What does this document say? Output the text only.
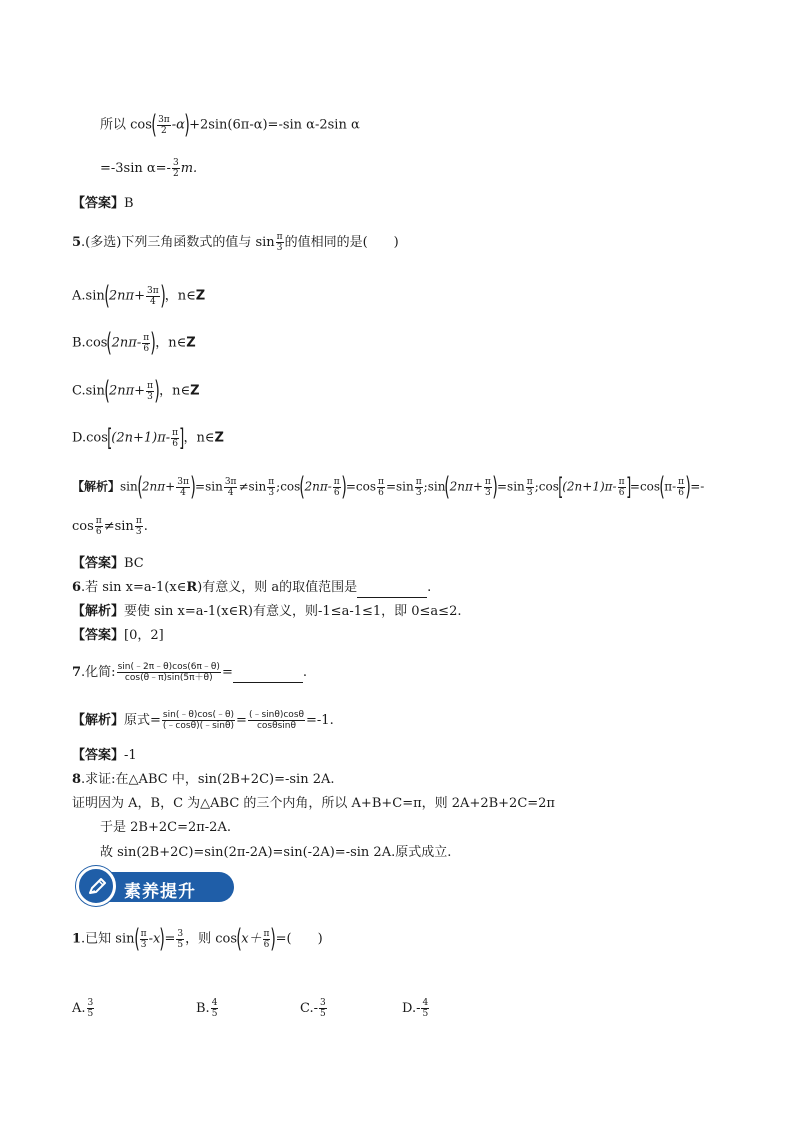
所以 $\cos( \frac{3\pi}{2} -\alpha)+2\sin(6\pi-\alpha)=-\sin$ α-2sin α
=-3sin $\alpha=- \frac{3}{2} m$.
【答案】B
5.(多选)下列三角函数式的值与 $\sin \frac{\pi}{3}$ 的值相同的是(　　)
$A.\sin(2n\pi+ \frac{3\pi}{4}$ )，n∈Z
$B.\cos(2n\pi- \frac{\pi}{6}$ )，n∈Z
$C.\sin(2n\pi+ \frac{\pi}{3}$ )，n∈Z
$D.\cos[(2n+1)\pi- \frac{\pi}{6}$ ]，n∈Z
【解析】$\sin(2n\pi+ \frac{3\pi}{4} )=\sin \frac{3\pi}{4} \ne\sin \frac{\pi}{3}$ ;cos(2nπ- $\frac{\pi}{6} )=\cos \frac{\pi}{6} =\sin \frac{\pi}{3}$ ;sin(2nπ+ $\frac{\pi}{3} )=\sin \frac{\pi}{3}$ ;cos[(2n+1)π- $\frac{\pi}{6} ]=\cos(\pi- \frac{\pi}{6}$ )=-
$\cos \frac{\pi}{6} \ne\sin \frac{\pi}{3}$ .
【答案】BC
6.若 sin x=a-1(x∈R)有意义，则 a的取值范围是	.
【解析】要使 sin x=a-1(x∈R)有意义，则-1≤a-1≤1，即 0≤a≤2.
【答案】[0，2]
7.化简: $\frac{\sin(﹣2\pi﹣\theta)\cos(6\pi﹣\theta)}{\cos(\theta﹣\pi)\sin(5\pi+\theta)}$ =	.
【解析】原式= $\frac{\sin(﹣\theta)\cos(﹣\theta)}{(﹣\cos\theta)(﹣\sin\theta)} = \frac{(﹣\sin\theta)\cos\theta}{\cos\theta\sin\theta} =-1$.
【答案】-1
8.求证:在△ABC 中，sin(2B+2C)=-sin 2A.
证明因为 A，B，C 为△ABC 的三个内角，所以 A+B+C=π，则 2A+2B+2C=2π
于是 2B+2C=2π-2A.
故 sin(2B+2C)=sin(2π-2A)=sin(-2A)=-sin 2A.原式成立.
素养提升
1.已知 $\sin( \frac{\pi}{3} -x)= \frac{3}{5}$ ，则 $\cos(x+ \frac{\pi}{6}$ )=(　　)
A. $\frac{3}{5}$	B. $\frac{4}{5}$	$C.- \frac{3}{5}$	$D.- \frac{4}{5}$
